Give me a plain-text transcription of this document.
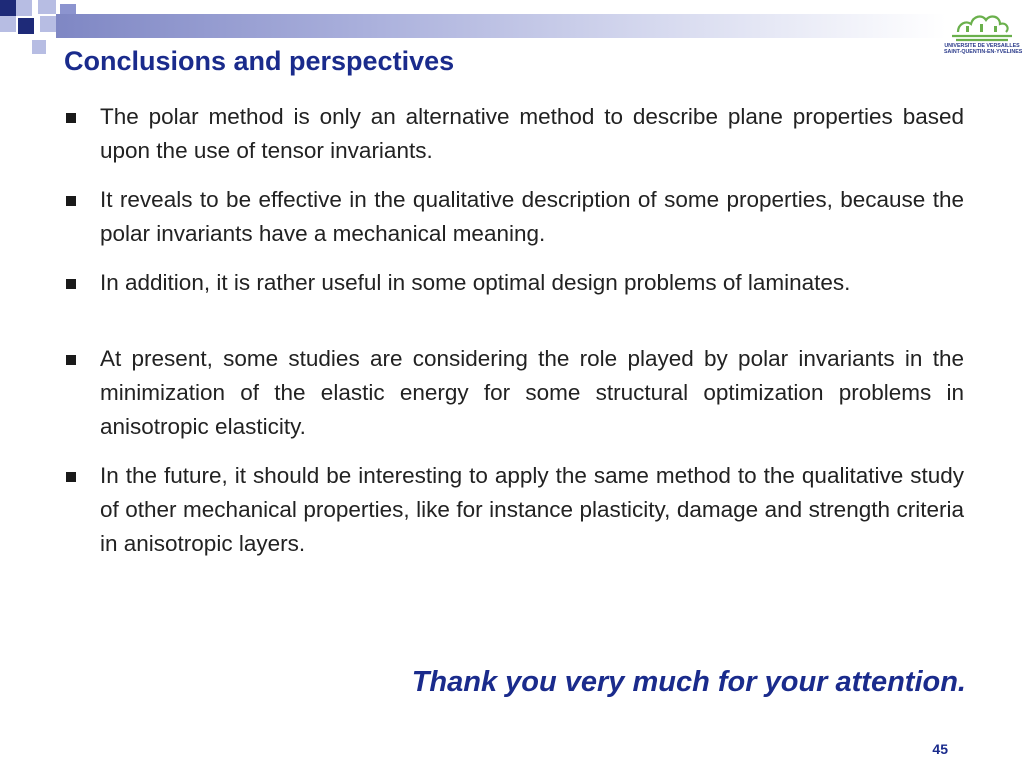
UNIVERSITE DE VERSAILLES
SAINT-QUENTIN-EN-YVELINES
Conclusions and perspectives
The polar method is only an alternative method to describe plane properties based upon the use of tensor invariants.
It reveals to be effective in the qualitative description of some properties, because the polar invariants have a mechanical meaning.
In addition, it is rather useful in some optimal design problems of laminates.
At present, some studies are considering the role played by polar invariants in the minimization of the elastic energy for some structural optimization problems in anisotropic elasticity.
In the future, it should be interesting to apply the same method to the qualitative study of other mechanical properties, like for instance plasticity, damage and strength criteria in anisotropic layers.

Thank you very much for your attention.

45
